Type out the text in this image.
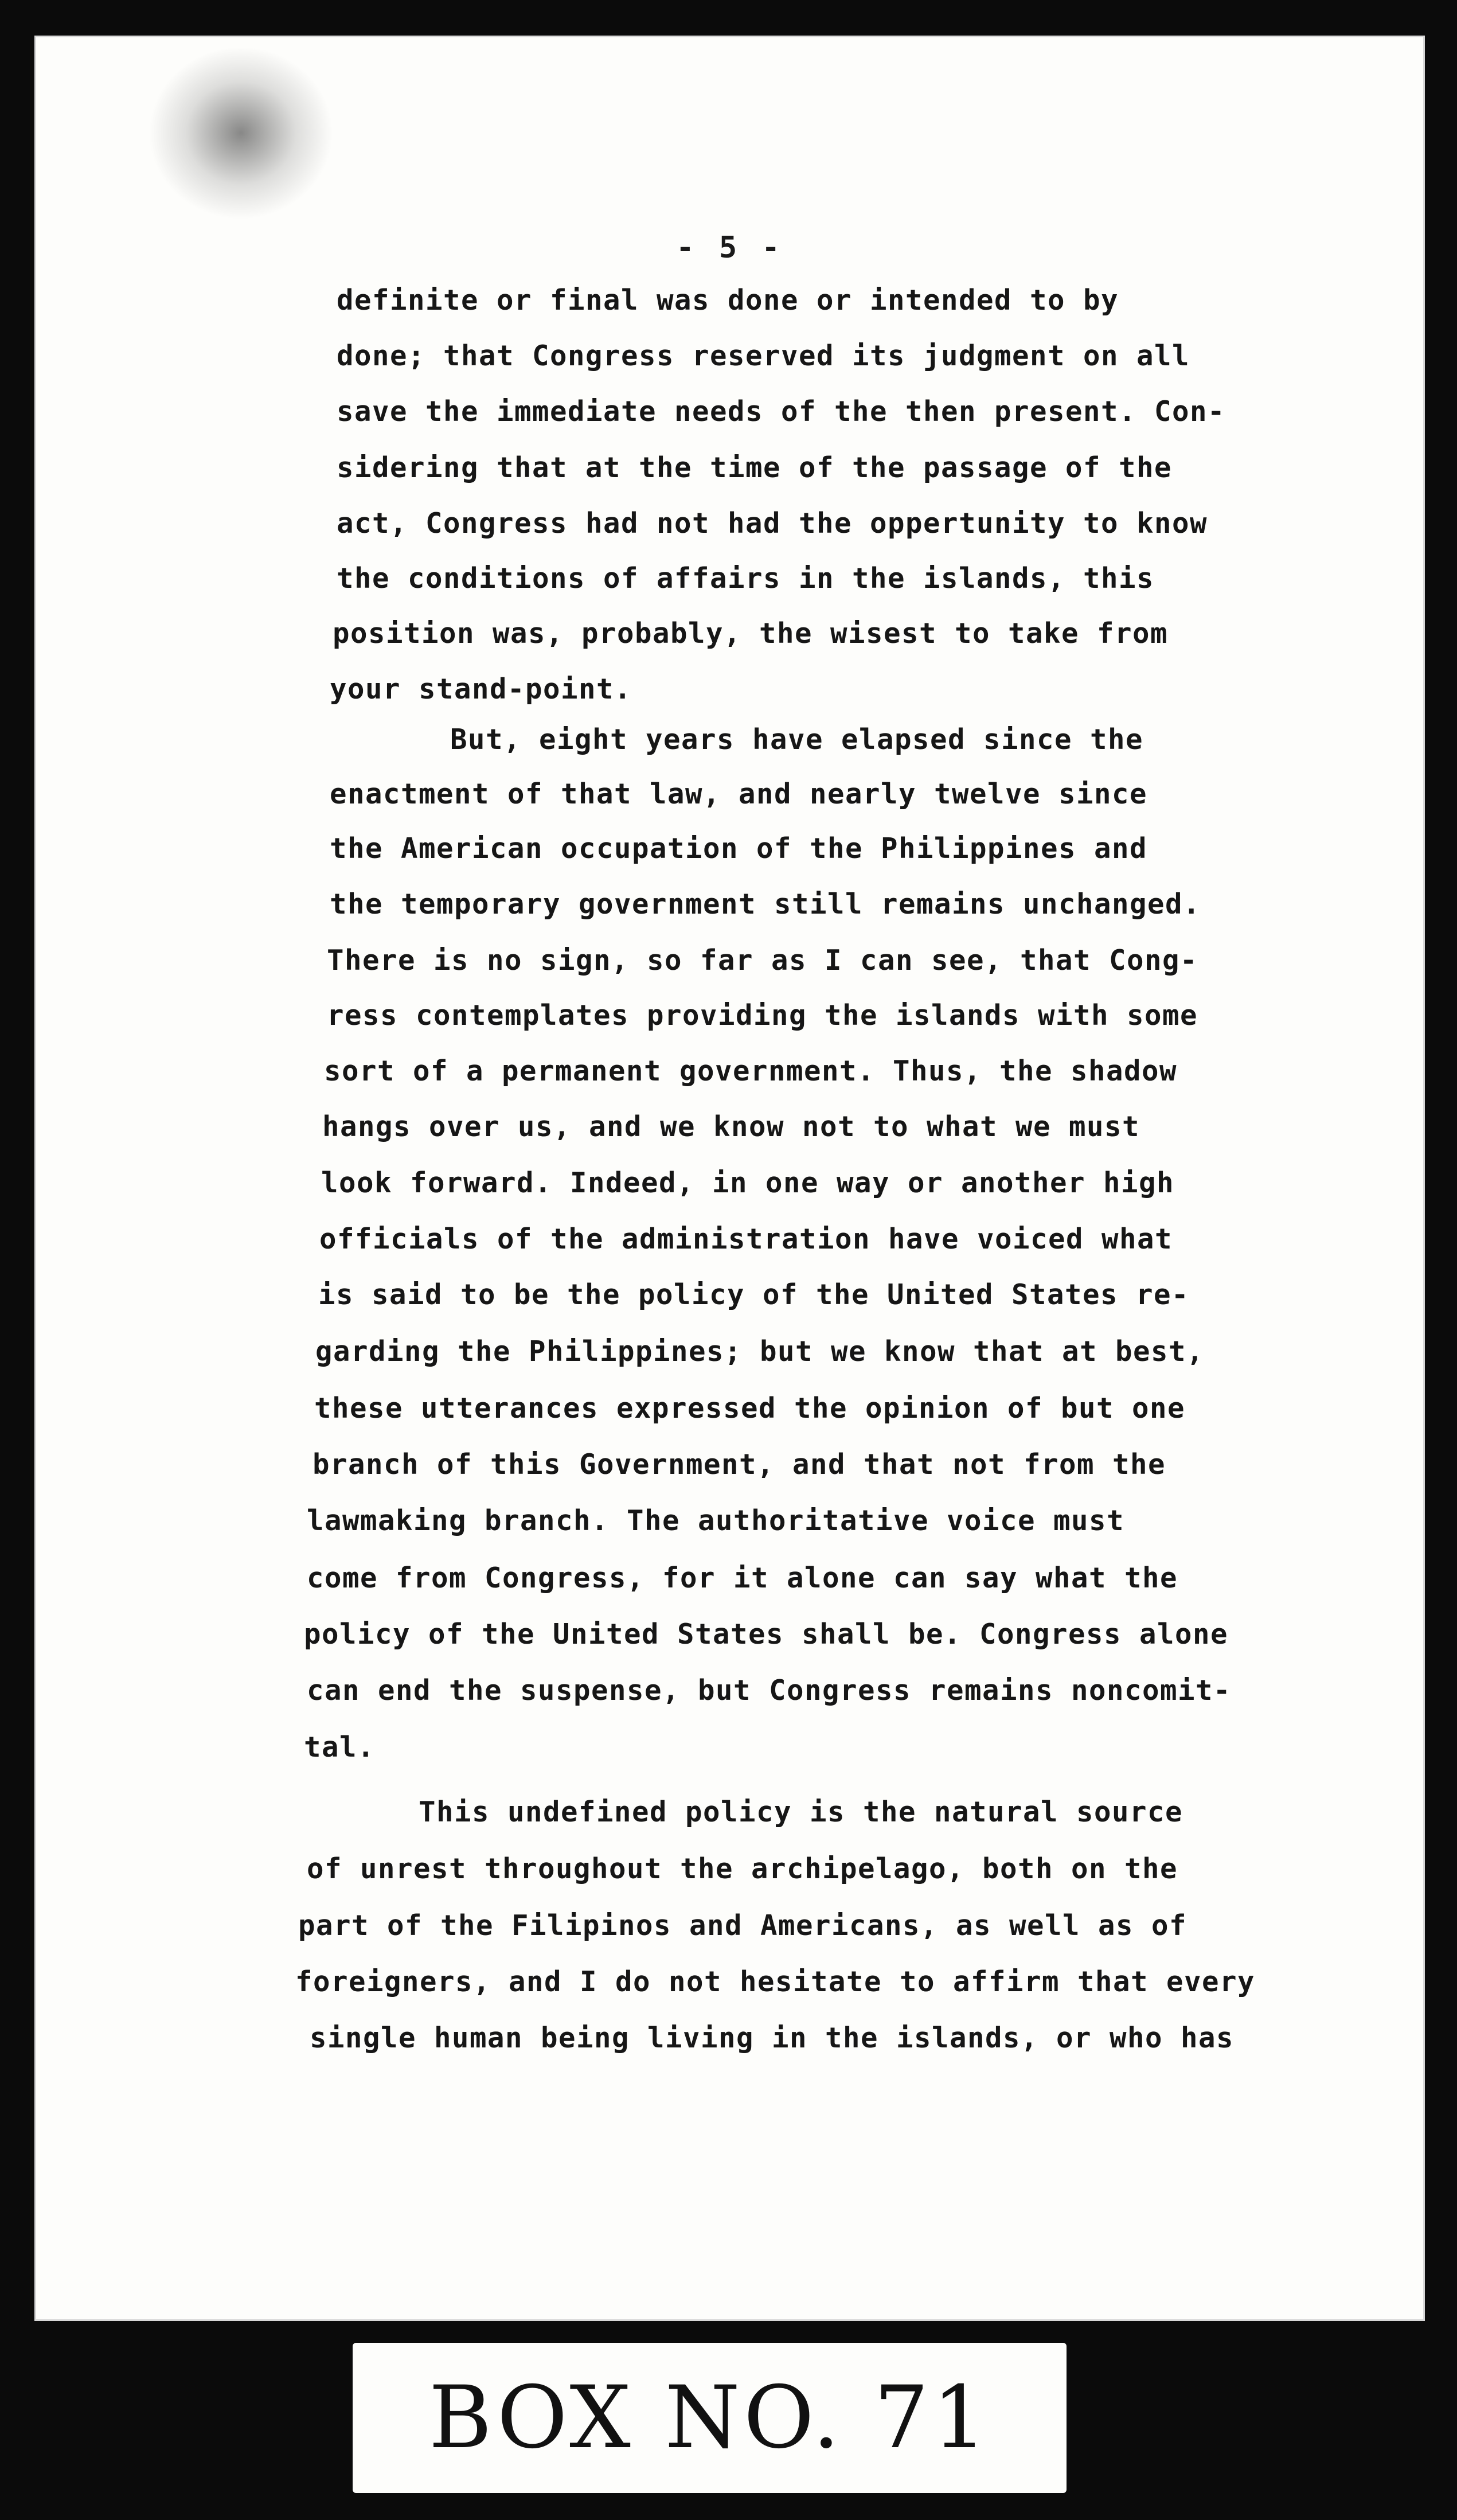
- 5 -
definite or final was done or intended to by
done; that Congress reserved its judgment on all
save the immediate needs of the then present. Con-
sidering that at the time of the passage of the
act, Congress had not had the oppertunity to know
the conditions of affairs in the islands, this
position was, probably, the wisest to take from
your stand-point.
But, eight years have elapsed since the
enactment of that law, and nearly twelve since
the American occupation of the Philippines and
the temporary government still remains unchanged.
There is no sign, so far as I can see, that Cong-
ress contemplates providing the islands with some
sort of a permanent government. Thus, the shadow
hangs over us, and we know not to what we must
look forward. Indeed, in one way or another high
officials of the administration have voiced what
is said to be the policy of the United States re-
garding the Philippines; but we know that at best,
these utterances expressed the opinion of but one
branch of this Government, and that not from the
lawmaking branch. The authoritative voice must
come from Congress, for it alone can say what the
policy of the United States shall be. Congress alone
can end the suspense, but Congress remains noncomit-
tal.
This undefined policy is the natural source
of unrest throughout the archipelago, both on the
part of the Filipinos and Americans, as well as of
foreigners, and I do not hesitate to affirm that every
single human being living in the islands, or who has
BOX NO. 71
